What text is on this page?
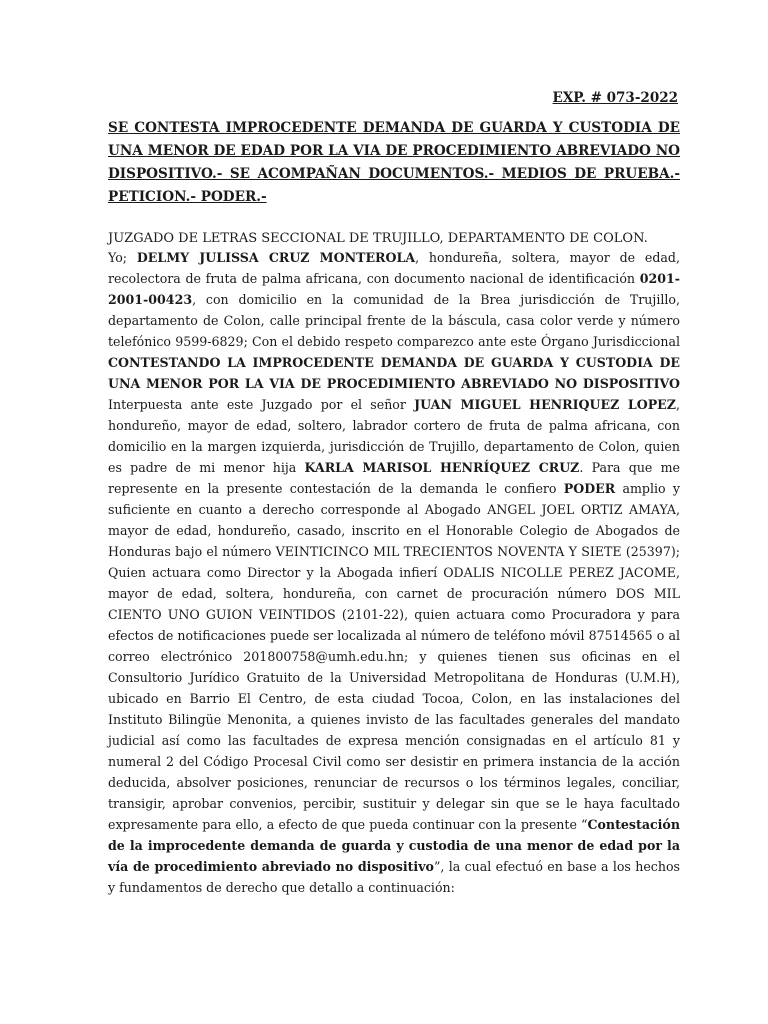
EXP. # 073-2022

SE CONTESTA IMPROCEDENTE DEMANDA DE GUARDA Y CUSTODIA DE UNA MENOR DE EDAD POR LA VIA DE PROCEDIMIENTO ABREVIADO NO DISPOSITIVO.- SE ACOMPAÑAN DOCUMENTOS.- MEDIOS DE PRUEBA.- PETICION.- PODER.-

JUZGADO DE LETRAS SECCIONAL DE TRUJILLO, DEPARTAMENTO DE COLON.

Yo; DELMY JULISSA CRUZ MONTEROLA, hondureña, soltera, mayor de edad, recolectora de fruta de palma africana, con documento nacional de identificación 0201-2001-00423, con domicilio en la comunidad de la Brea jurisdicción de Trujillo, departamento de Colon, calle principal frente de la báscula, casa color verde y número telefónico 9599-6829; Con el debido respeto comparezco ante este Órgano Jurisdiccional CONTESTANDO LA IMPROCEDENTE DEMANDA DE GUARDA Y CUSTODIA DE UNA MENOR POR LA VIA DE PROCEDIMIENTO ABREVIADO NO DISPOSITIVO Interpuesta ante este Juzgado por el señor JUAN MIGUEL HENRIQUEZ LOPEZ, hondureño, mayor de edad, soltero, labrador cortero de fruta de palma africana, con domicilio en la margen izquierda, jurisdicción de Trujillo, departamento de Colon, quien es padre de mi menor hija KARLA MARISOL HENRÍQUEZ CRUZ. Para que me represente en la presente contestación de la demanda le confiero PODER amplio y suficiente en cuanto a derecho corresponde al Abogado ANGEL JOEL ORTIZ AMAYA, mayor de edad, hondureño, casado, inscrito en el Honorable Colegio de Abogados de Honduras bajo el número VEINTICINCO MIL TRECIENTOS NOVENTA Y SIETE (25397); Quien actuara como Director y la Abogada infierí ODALIS NICOLLE PEREZ JACOME, mayor de edad, soltera, hondureña, con carnet de procuración número DOS MIL CIENTO UNO GUION VEINTIDOS (2101-22), quien actuara como Procuradora y para efectos de notificaciones puede ser localizada al número de teléfono móvil 87514565 o al correo electrónico 201800758@umh.edu.hn; y quienes tienen sus oficinas en el Consultorio Jurídico Gratuito de la Universidad Metropolitana de Honduras (U.M.H), ubicado en Barrio El Centro, de esta ciudad Tocoa, Colon, en las instalaciones del Instituto Bilingüe Menonita, a quienes invisto de las facultades generales del mandato judicial así como las facultades de expresa mención consignadas en el artículo 81 y numeral 2 del Código Procesal Civil como ser desistir en primera instancia de la acción deducida, absolver posiciones, renunciar de recursos o los términos legales, conciliar, transigir, aprobar convenios, percibir, sustituir y delegar sin que se le haya facultado expresamente para ello, a efecto de que pueda continuar con la presente “Contestación de la improcedente demanda de guarda y custodia de una menor de edad por la vía de procedimiento abreviado no dispositivo”, la cual efectuó en base a los hechos y fundamentos de derecho que detallo a continuación:
